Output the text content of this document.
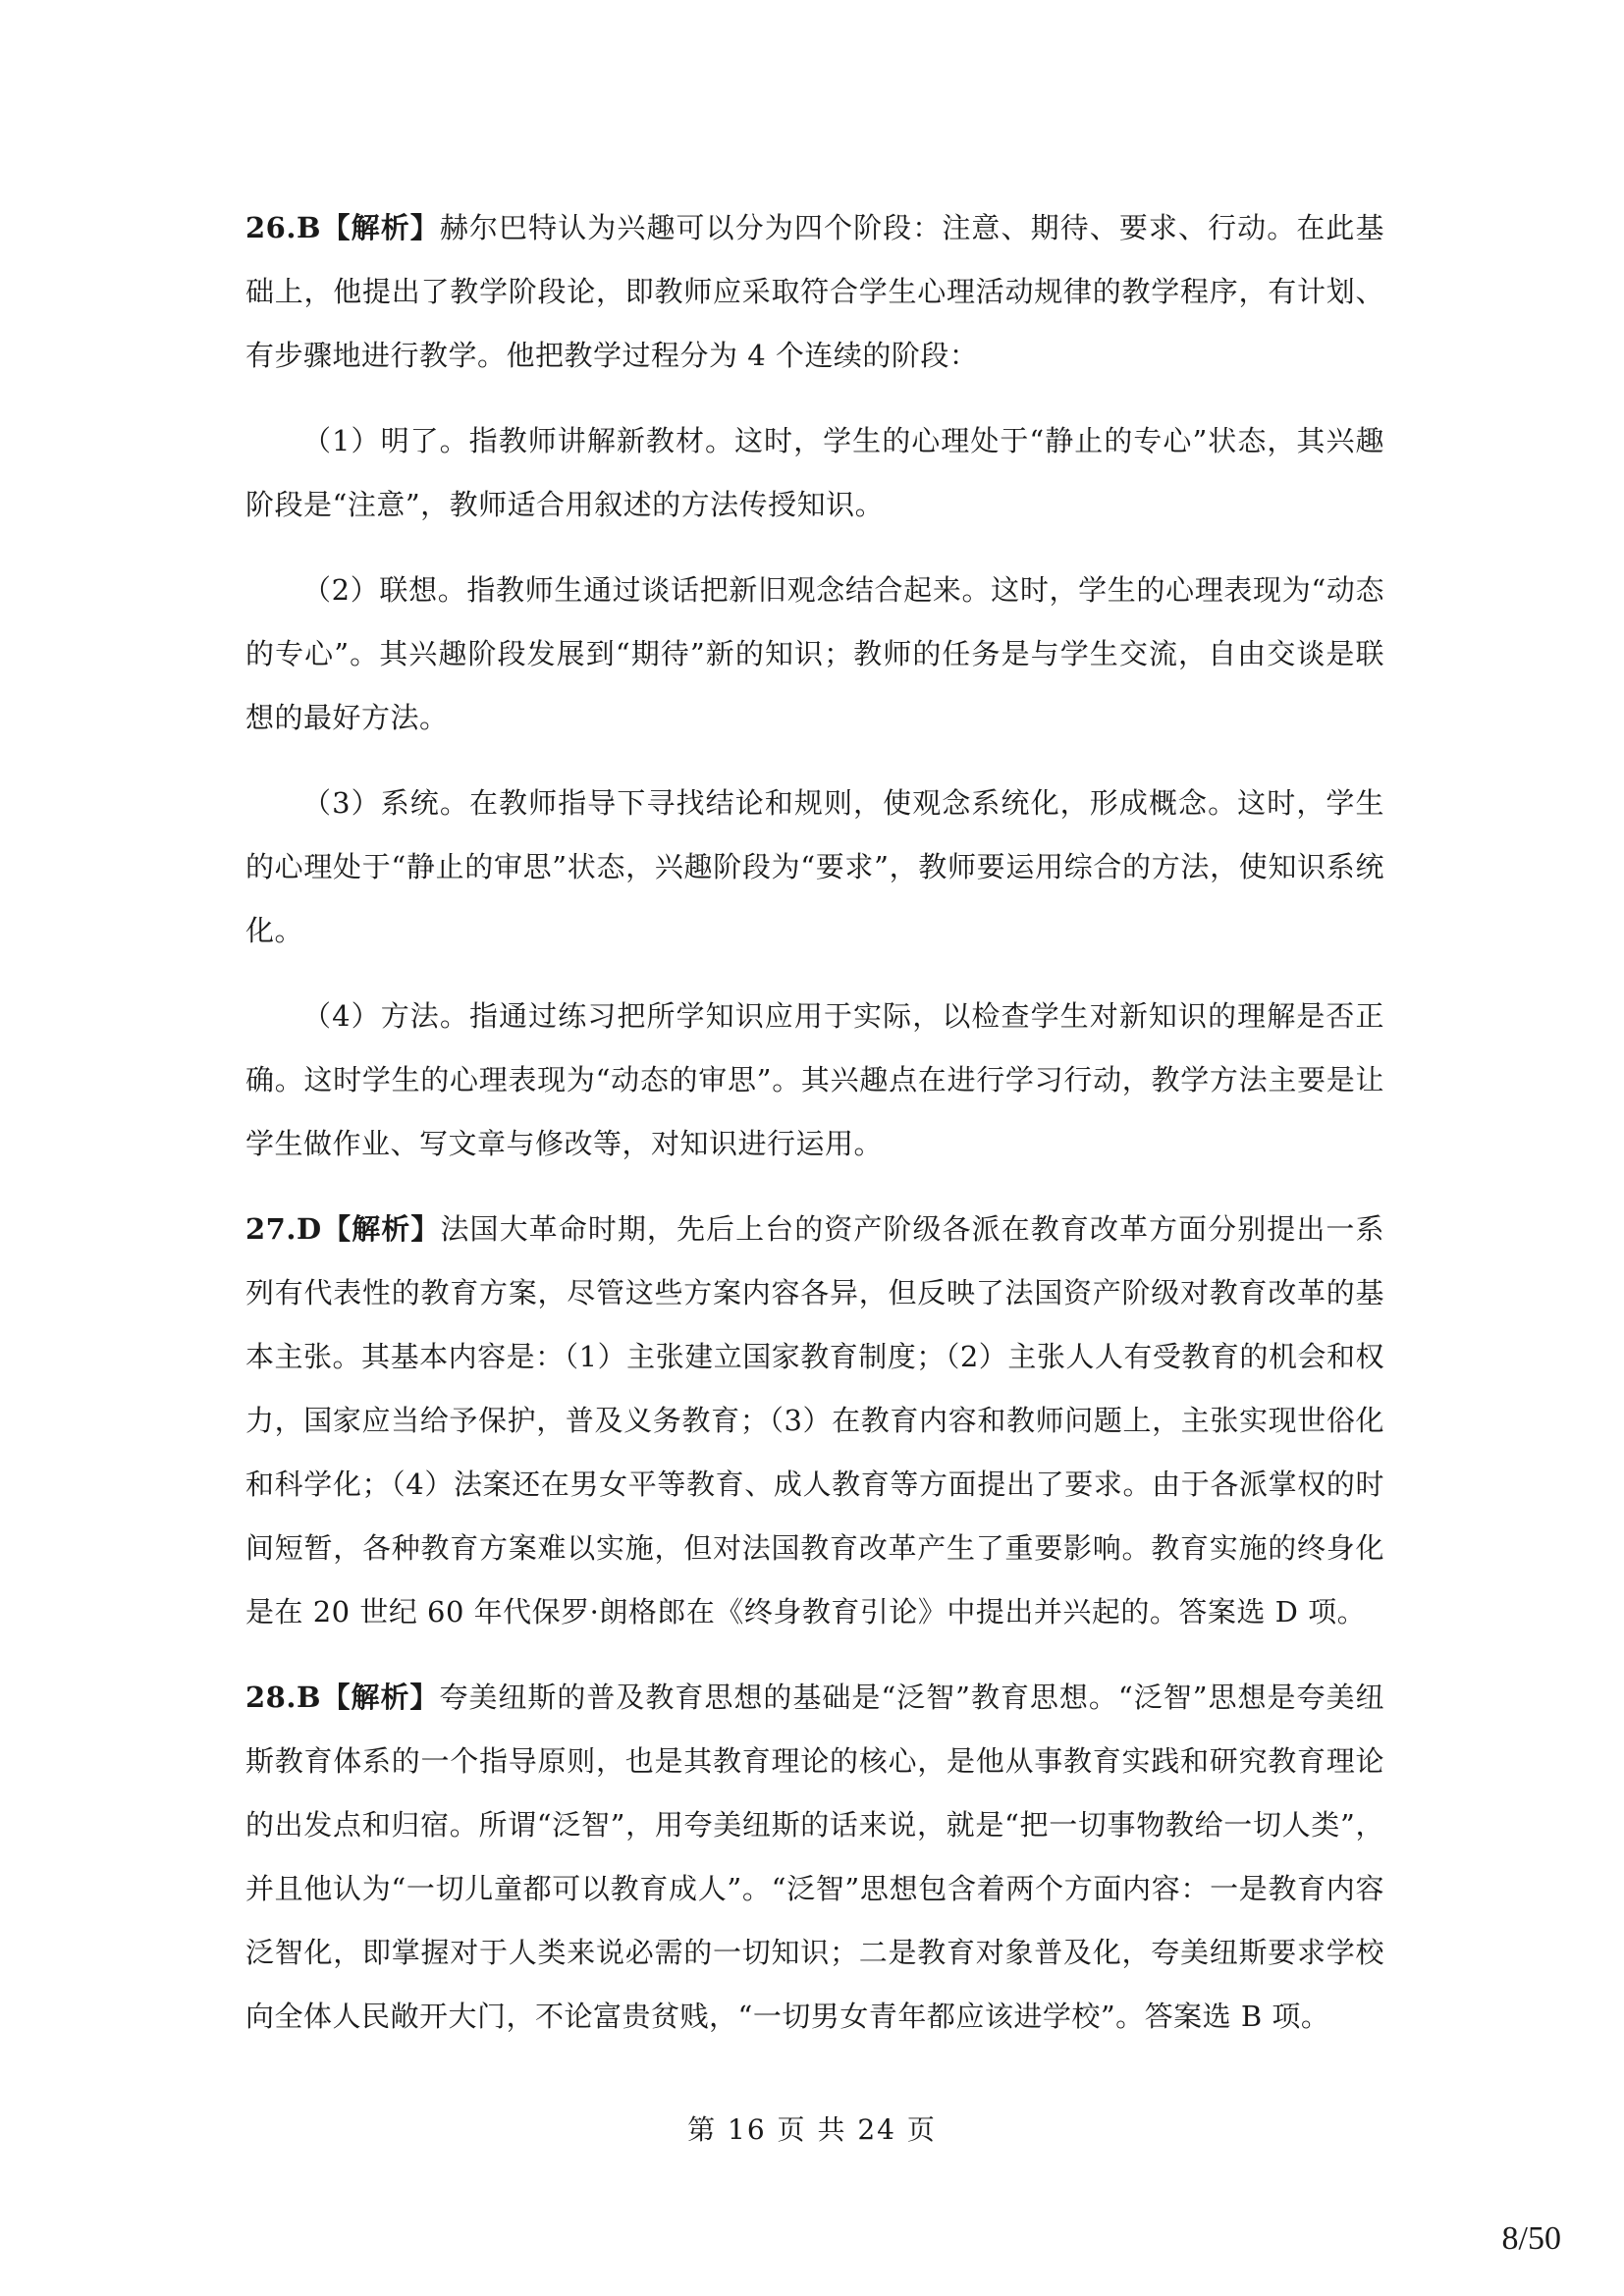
26.B【解析】赫尔巴特认为兴趣可以分为四个阶段：注意、期待、要求、行动。在此基础上，他提出了教学阶段论，即教师应采取符合学生心理活动规律的教学程序，有计划、有步骤地进行教学。他把教学过程分为 4 个连续的阶段：

（1）明了。指教师讲解新教材。这时，学生的心理处于“静止的专心”状态，其兴趣阶段是“注意”，教师适合用叙述的方法传授知识。

（2）联想。指教师生通过谈话把新旧观念结合起来。这时，学生的心理表现为“动态的专心”。其兴趣阶段发展到“期待”新的知识；教师的任务是与学生交流，自由交谈是联想的最好方法。

（3）系统。在教师指导下寻找结论和规则，使观念系统化，形成概念。这时，学生的心理处于“静止的审思”状态，兴趣阶段为“要求”，教师要运用综合的方法，使知识系统化。

（4）方法。指通过练习把所学知识应用于实际，以检查学生对新知识的理解是否正确。这时学生的心理表现为“动态的审思”。其兴趣点在进行学习行动，教学方法主要是让学生做作业、写文章与修改等，对知识进行运用。

27.D【解析】法国大革命时期，先后上台的资产阶级各派在教育改革方面分别提出一系列有代表性的教育方案，尽管这些方案内容各异，但反映了法国资产阶级对教育改革的基本主张。其基本内容是：（1）主张建立国家教育制度；（2）主张人人有受教育的机会和权力，国家应当给予保护，普及义务教育；（3）在教育内容和教师问题上，主张实现世俗化和科学化；（4）法案还在男女平等教育、成人教育等方面提出了要求。由于各派掌权的时间短暂，各种教育方案难以实施，但对法国教育改革产生了重要影响。教育实施的终身化是在 20 世纪 60 年代保罗·朗格郎在《终身教育引论》中提出并兴起的。答案选 D 项。

28.B【解析】夸美纽斯的普及教育思想的基础是“泛智”教育思想。“泛智”思想是夸美纽斯教育体系的一个指导原则，也是其教育理论的核心，是他从事教育实践和研究教育理论的出发点和归宿。所谓“泛智”，用夸美纽斯的话来说，就是“把一切事物教给一切人类”，并且他认为“一切儿童都可以教育成人”。“泛智”思想包含着两个方面内容：一是教育内容泛智化，即掌握对于人类来说必需的一切知识；二是教育对象普及化，夸美纽斯要求学校向全体人民敞开大门，不论富贵贫贱，“一切男女青年都应该进学校”。答案选 B 项。

第 16 页 共 24 页
8/50
